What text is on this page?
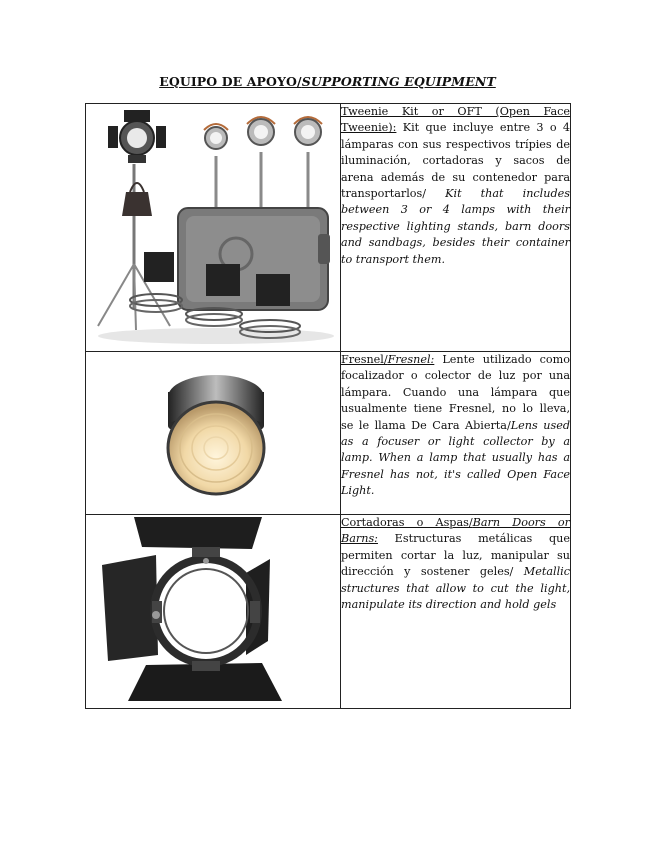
EQUIPO DE APOYO/SUPPORTING EQUIPMENT

Tweenie Kit or OFT (Open Face Tweenie): Kit que incluye entre 3 o 4 lámparas con sus respectivos trípies de iluminación, cortadoras y sacos de arena además de su contenedor para transportarlos/ Kit that includes between 3 or 4 lamps with their respective lighting stands, barn doors and sandbags, besides their container to transport them.

Fresnel/Fresnel: Lente utilizado como focalizador o colector de luz por una lámpara. Cuando una lámpara que usualmente tiene Fresnel, no lo lleva, se le llama De Cara Abierta/Lens used as a focuser or light collector by a lamp. When a lamp that usually has a Fresnel has not, it's called Open Face Light.

Cortadoras o Aspas/Barn Doors or Barns: Estructuras metálicas que permiten cortar la luz, manipular su dirección y sostener geles/ Metallic structures that allow to cut the light, manipulate its direction and hold gels
